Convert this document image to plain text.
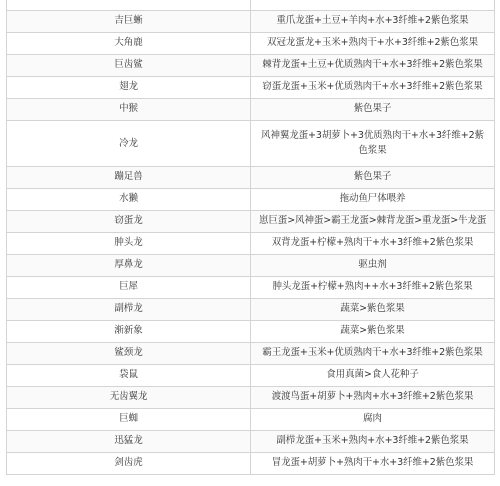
吉巨蜥	重爪龙蛋+土豆+羊肉+水+3纤维+2紫色浆果
大角鹿	双冠龙蛋龙+玉米+熟肉干+水+3纤维+2紫色浆果
巨齿鲨	棘背龙蛋+土豆+优质熟肉干+水+3纤维+2紫色浆果
翅龙	窃蛋龙蛋+玉米+优质熟肉干+水+3纤维+2紫色浆果
中猴	紫色果子
冷龙	风神翼龙蛋+3胡萝卜+3优质熟肉干+水+3纤维+2紫色浆果
蹦足兽	紫色果子
水獭	拖动鱼尸体喂养
窃蛋龙	崽巨蛋>风神蛋>霸王龙蛋>棘背龙蛋>重龙蛋>牛龙蛋
肿头龙	双背龙蛋+柠檬+熟肉干+水+3纤维+2紫色浆果
厚鼻龙	驱虫剂
巨犀	肿头龙蛋+柠檬+熟肉++水+3纤维+2紫色浆果
副栉龙	蔬菜>紫色浆果
渐新象	蔬菜>紫色浆果
鲨颈龙	霸王龙蛋+玉米+优质熟肉干+水+3纤维+2紫色浆果
袋鼠	食用真菌>食人花种子
无齿翼龙	渡渡鸟蛋+胡萝卜+熟肉+水+3纤维+2紫色浆果
巨蜘	腐肉
迅猛龙	副栉龙蛋+玉米+熟肉+水+3纤维+2紫色浆果
剑齿虎	冒龙蛋+胡萝卜+熟肉干+水+3纤维+2紫色浆果
